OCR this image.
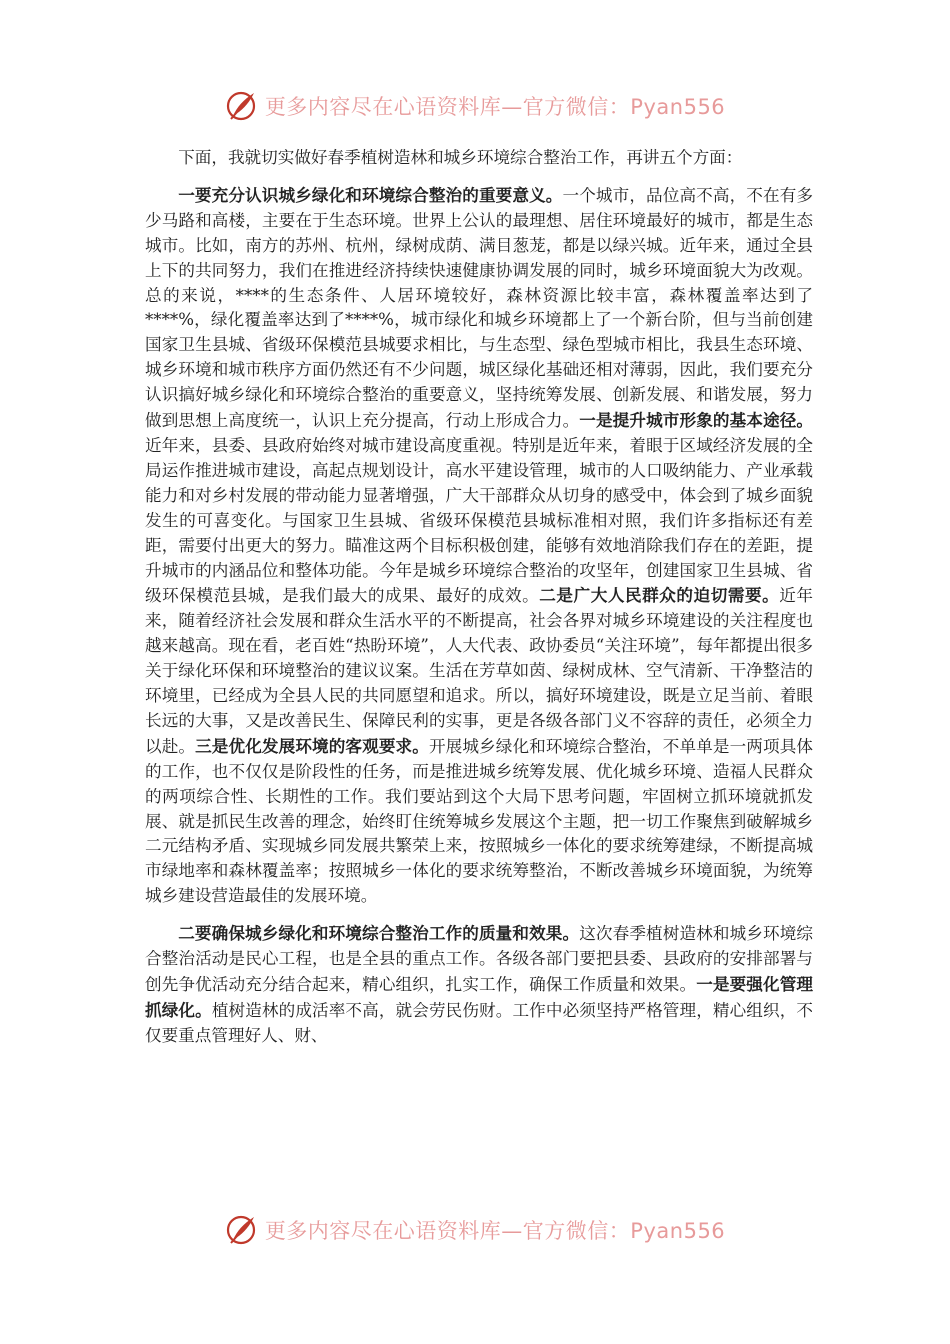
更多内容尽在心语资料库—官方微信：Pyan556

下面，我就切实做好春季植树造林和城乡环境综合整治工作，再讲五个方面：

一要充分认识城乡绿化和环境综合整治的重要意义。一个城市，品位高不高，不在有多少马路和高楼，主要在于生态环境。世界上公认的最理想、居住环境最好的城市，都是生态城市。比如，南方的苏州、杭州，绿树成荫、满目葱茏，都是以绿兴城。近年来，通过全县上下的共同努力，我们在推进经济持续快速健康协调发展的同时，城乡环境面貌大为改观。总的来说，****的生态条件、人居环境较好，森林资源比较丰富，森林覆盖率达到了****%，绿化覆盖率达到了****%，城市绿化和城乡环境都上了一个新台阶，但与当前创建国家卫生县城、省级环保模范县城要求相比，与生态型、绿色型城市相比，我县生态环境、城乡环境和城市秩序方面仍然还有不少问题，城区绿化基础还相对薄弱，因此，我们要充分认识搞好城乡绿化和环境综合整治的重要意义，坚持统筹发展、创新发展、和谐发展，努力做到思想上高度统一，认识上充分提高，行动上形成合力。一是提升城市形象的基本途径。近年来，县委、县政府始终对城市建设高度重视。特别是近年来，着眼于区域经济发展的全局运作推进城市建设，高起点规划设计，高水平建设管理，城市的人口吸纳能力、产业承载能力和对乡村发展的带动能力显著增强，广大干部群众从切身的感受中，体会到了城乡面貌发生的可喜变化。与国家卫生县城、省级环保模范县城标准相对照，我们许多指标还有差距，需要付出更大的努力。瞄准这两个目标积极创建，能够有效地消除我们存在的差距，提升城市的内涵品位和整体功能。今年是城乡环境综合整治的攻坚年，创建国家卫生县城、省级环保模范县城，是我们最大的成果、最好的成效。二是广大人民群众的迫切需要。近年来，随着经济社会发展和群众生活水平的不断提高，社会各界对城乡环境建设的关注程度也越来越高。现在看，老百姓“热盼环境”，人大代表、政协委员“关注环境”，每年都提出很多关于绿化环保和环境整治的建议议案。生活在芳草如茵、绿树成林、空气清新、干净整洁的环境里，已经成为全县人民的共同愿望和追求。所以，搞好环境建设，既是立足当前、着眼长远的大事，又是改善民生、保障民利的实事，更是各级各部门义不容辞的责任，必须全力以赴。三是优化发展环境的客观要求。开展城乡绿化和环境综合整治，不单单是一两项具体的工作，也不仅仅是阶段性的任务，而是推进城乡统筹发展、优化城乡环境、造福人民群众的两项综合性、长期性的工作。我们要站到这个大局下思考问题，牢固树立抓环境就抓发展、就是抓民生改善的理念，始终盯住统筹城乡发展这个主题，把一切工作聚焦到破解城乡二元结构矛盾、实现城乡同发展共繁荣上来，按照城乡一体化的要求统筹建绿，不断提高城市绿地率和森林覆盖率；按照城乡一体化的要求统筹整治，不断改善城乡环境面貌，为统筹城乡建设营造最佳的发展环境。

二要确保城乡绿化和环境综合整治工作的质量和效果。这次春季植树造林和城乡环境综合整治活动是民心工程，也是全县的重点工作。各级各部门要把县委、县政府的安排部署与创先争优活动充分结合起来，精心组织，扎实工作，确保工作质量和效果。一是要强化管理抓绿化。植树造林的成活率不高，就会劳民伤财。工作中必须坚持严格管理，精心组织，不仅要重点管理好人、财、

更多内容尽在心语资料库—官方微信：Pyan556
